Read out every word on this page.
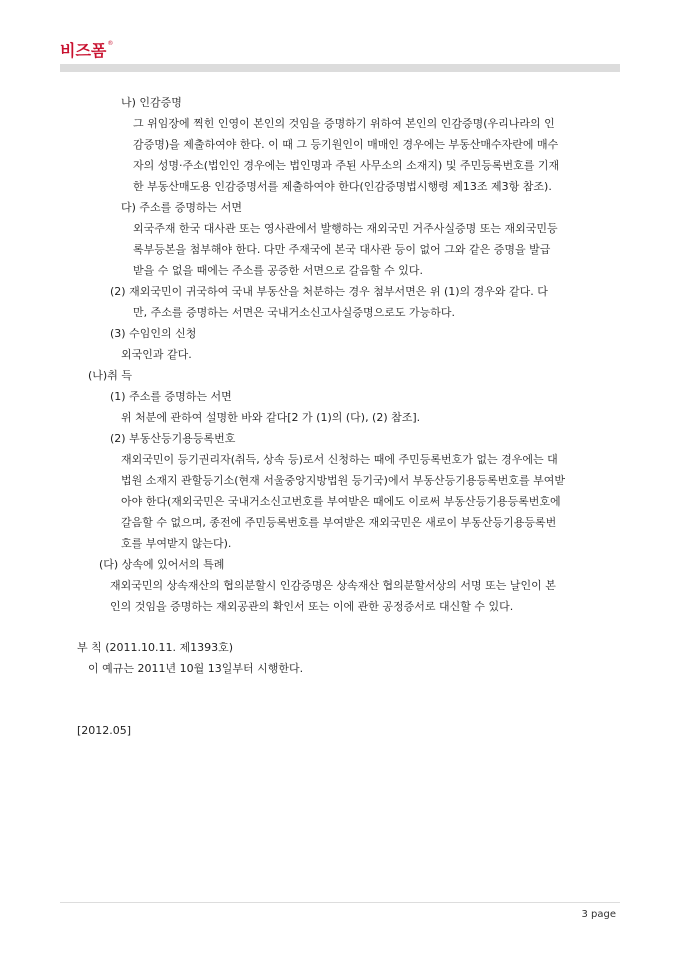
비즈폼®
나) 인감증명
그 위임장에 찍힌 인영이 본인의 것임을 증명하기 위하여 본인의 인감증명(우리나라의 인
감증명)을 제출하여야 한다. 이 때 그 등기원인이 매매인 경우에는 부동산매수자란에 매수
자의 성명·주소(법인인 경우에는 법인명과 주된 사무소의 소재지) 및 주민등록번호를 기재
한 부동산매도용 인감증명서를 제출하여야 한다(인감증명법시행령 제13조 제3항 참조).
다) 주소를 증명하는 서면
외국주재 한국 대사관 또는 영사관에서 발행하는 재외국민 거주사실증명 또는 재외국민등
록부등본을 첨부해야 한다. 다만 주재국에 본국 대사관 등이 없어 그와 같은 증명을 발급
받을 수 없을 때에는 주소를 공증한 서면으로 갈음할 수 있다.
(2) 재외국민이 귀국하여 국내 부동산을 처분하는 경우 첨부서면은 위 (1)의 경우와 같다. 다
만, 주소를 증명하는 서면은 국내거소신고사실증명으로도 가능하다.
(3) 수임인의 신청
외국인과 같다.
(나)취 득
(1) 주소를 증명하는 서면
위 처분에 관하여 설명한 바와 같다[2 가 (1)의 (다), (2) 참조].
(2) 부동산등기용등록번호
재외국민이 등기권리자(취득, 상속 등)로서 신청하는 때에 주민등록번호가 없는 경우에는 대
법원 소재지 관할등기소(현재 서울중앙지방법원 등기국)에서 부동산등기용등록번호를 부여받
아야 한다(재외국민은 국내거소신고번호를 부여받은 때에도 이로써 부동산등기용등록번호에
갈음할 수 없으며, 종전에 주민등록번호를 부여받은 재외국민은 새로이 부동산등기용등록번
호를 부여받지 않는다).
(다) 상속에 있어서의 특례
재외국민의 상속재산의 협의분할시 인감증명은 상속재산 협의분할서상의 서명 또는 날인이 본
인의 것임을 증명하는 재외공관의 확인서 또는 이에 관한 공정증서로 대신할 수 있다.
부 칙 (2011.10.11. 제1393호)
이 예규는 2011년 10월 13일부터 시행한다.
[2012.05]
3 page
